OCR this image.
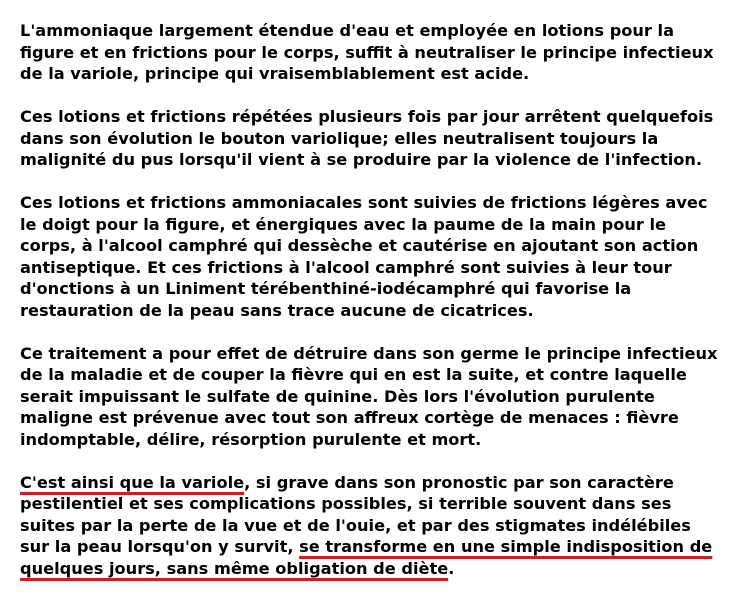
L'ammoniaque largement étendue d'eau et employée en lotions pour la figure et en frictions pour le corps, suffit à neutraliser le principe infectieux de la variole, principe qui vraisemblablement est acide.

Ces lotions et frictions répétées plusieurs fois par jour arrêtent quelquefois dans son évolution le bouton variolique; elles neutralisent toujours la malignité du pus lorsqu'il vient à se produire par la violence de l'infection.

Ces lotions et frictions ammoniacales sont suivies de frictions légères avec le doigt pour la figure, et énergiques avec la paume de la main pour le corps, à l'alcool camphré qui dessèche et cautérise en ajoutant son action antiseptique. Et ces frictions à l'alcool camphré sont suivies à leur tour d'onctions à un Liniment térébenthiné-iodécamphré qui favorise la restauration de la peau sans trace aucune de cicatrices.

Ce traitement a pour effet de détruire dans son germe le principe infectieux de la maladie et de couper la fièvre qui en est la suite, et contre laquelle serait impuissant le sulfate de quinine. Dès lors l'évolution purulente maligne est prévenue avec tout son affreux cortège de menaces : fièvre indomptable, délire, résorption purulente et mort.

C'est ainsi que la variole, si grave dans son pronostic par son caractère pestilentiel et ses complications possibles, si terrible souvent dans ses suites par la perte de la vue et de l'ouie, et par des stigmates indélébiles sur la peau lorsqu'on y survit, se transforme en une simple indisposition de quelques jours, sans même obligation de diète.
